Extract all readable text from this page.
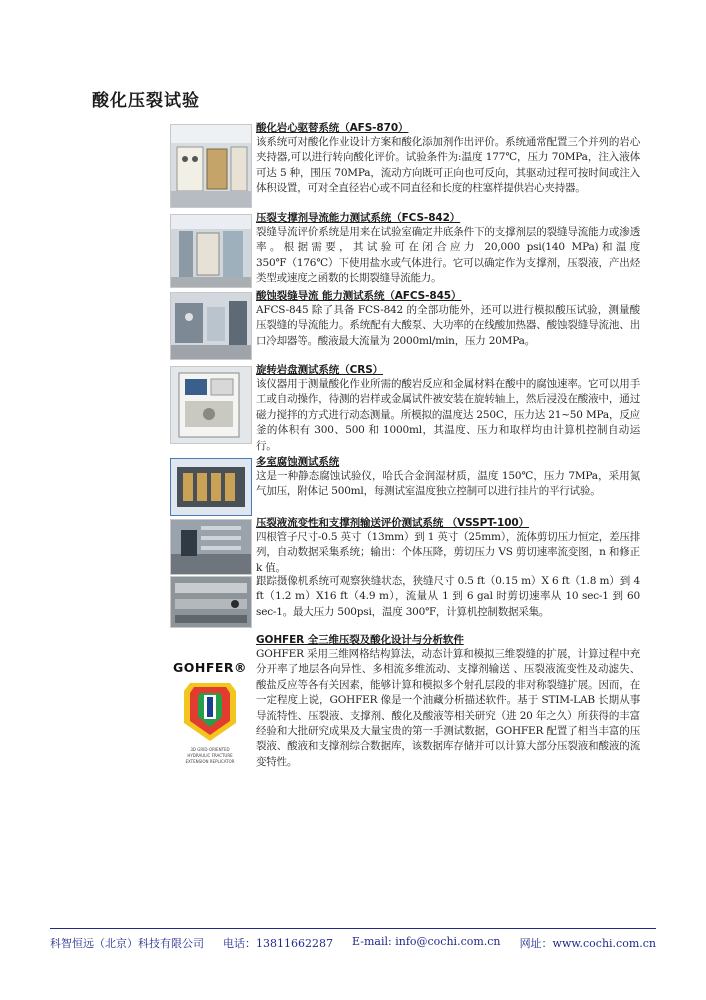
酸化压裂试验
酸化岩心驱替系统（AFS-870）
该系统可对酸化作业设计方案和酸化添加剂作出评价。系统通常配置三个并列的岩心夹持器,可以进行转向酸化评价。试验条件为:温度 177℃，压力 70MPa，注入液体可达 5 种，围压 70MPa，流动方向既可正向也可反向，其驱动过程可按时间或注入体积设置，可对全直径岩心或不同直径和长度的柱塞样提供岩心夹持器。
压裂支撑剂导流能力测试系统（FCS-842）
裂缝导流评价系统是用来在试验室确定井底条件下的支撑剂层的裂缝导流能力或渗透率。根据需要，其试验可在闭合应力 20,000 psi(140 MPa)和温度 350℉（176℃）下使用盐水或气体进行。它可以确定作为支撑剂，压裂液，产出烃类型或速度之函数的长期裂缝导流能力。
酸蚀裂缝导流 能力测试系统（AFCS-845）
AFCS-845 除了具备 FCS-842 的全部功能外，还可以进行模拟酸压试验，测量酸压裂缝的导流能力。系统配有大酸泵、大功率的在线酸加热器、酸蚀裂缝导流池、出口冷却器等。酸液最大流量为 2000ml/min，压力 20MPa。
旋转岩盘测试系统（CRS）
该仪器用于测量酸化作业所需的酸岩反应和金属材料在酸中的腐蚀速率。它可以用手工或自动操作，待测的岩样或金属试件被安装在旋转轴上，然后浸没在酸液中，通过磁力搅拌的方式进行动态测量。所模拟的温度达 250C，压力达 21~50 MPa，反应釜的体积有 300、500 和 1000ml，其温度、压力和取样均由计算机控制自动运行。
多室腐蚀测试系统
这是一种静态腐蚀试验仪，哈氏合金润湿材质，温度 150℃，压力 7MPa，采用氮气加压，附体记 500ml，每测试室温度独立控制可以进行挂片的平行试验。
压裂液流变性和支撑剂输送评价测试系统 （VSSPT-100）
四根管子尺寸-0.5 英寸（13mm）到 1 英寸（25mm），流体剪切压力恒定，差压排列，自动数据采集系统；输出：个体压降，剪切压力 VS 剪切速率流变图，n 和修正 k 值。
跟踪摄像机系统可观察狭缝状态，狭缝尺寸 0.5 ft（0.15 m）X 6 ft（1.8 m）到 4 ft（1.2 m）X16 ft（4.9 m），流量从 1 到 6 gal 时剪切速率从 10 sec-1 到 60 sec-1。最大压力 500psi，温度 300℉，计算机控制数据采集。
GOHFER®
3D GRID-ORIENTED
HYDRAULIC FRACTURE
EXTENSION REPLICATOR
GOHFER 全三维压裂及酸化设计与分析软件
GOHFER 采用三维网格结构算法，动态计算和模拟三维裂缝的扩展，计算过程中充分开率了地层各向异性、多相流多维流动、支撑剂输送 、压裂液流变性及动滤失、酸盐反应等各有关因素，能够计算和模拟多个射孔层段的非对称裂缝扩展。因而，在一定程度上说，GOHFER 像是一个油藏分析描述软件。基于 STIM-LAB 长期从事导流特性、压裂液、支撑剂、酸化及酸液等相关研究（进 20 年之久）所获得的丰富经验和大批研究成果及大量宝贵的第一手测试数据，GOHFER 配置了相当丰富的压裂液、酸液和支撑剂综合数据库，该数据库存储并可以计算大部分压裂液和酸液的流变特性。
科智恒远（北京）科技有限公司 电话：13811662287 E-mail: info@cochi.com.cn 网址：www.cochi.com.cn
